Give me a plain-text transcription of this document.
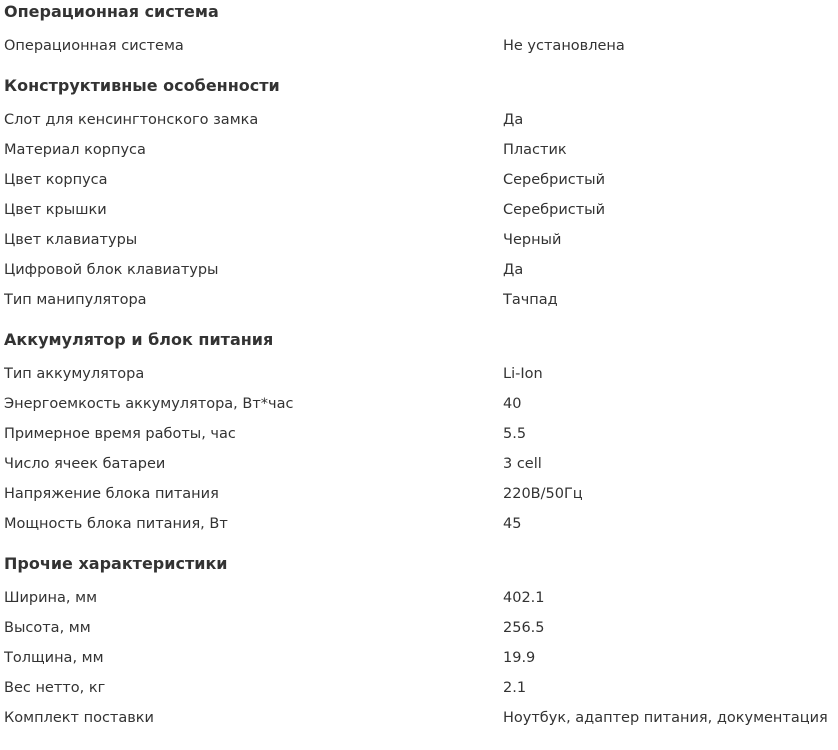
Операционная система
Операционная система	Не установлена
Конструктивные особенности
Слот для кенсингтонского замка	Да
Материал корпуса	Пластик
Цвет корпуса	Серебристый
Цвет крышки	Серебристый
Цвет клавиатуры	Черный
Цифровой блок клавиатуры	Да
Тип манипулятора	Тачпад
Аккумулятор и блок питания
Тип аккумулятора	Li-Ion
Энергоемкость аккумулятора, Вт*час	40
Примерное время работы, час	5.5
Число ячеек батареи	3 cell
Напряжение блока питания	220В/50Гц
Мощность блока питания, Вт	45
Прочие характеристики
Ширина, мм	402.1
Высота, мм	256.5
Толщина, мм	19.9
Вес нетто, кг	2.1
Комплект поставки	Ноутбук, адаптер питания, документация
